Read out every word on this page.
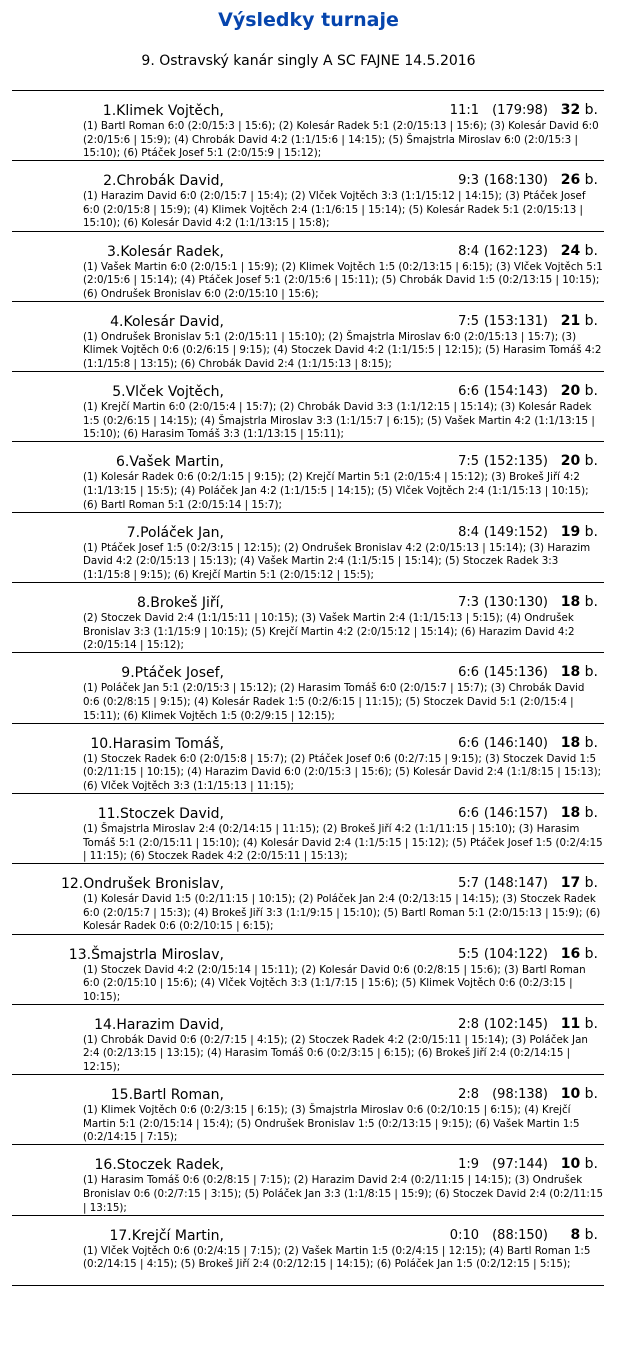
Výsledky turnaje
9. Ostravský kanár singly A SC FAJNE 14.5.2016
1.Klimek Vojtěch,	11:1 (179:98) 32 b.
(1) Bartl Roman 6:0 (2:0/15:3 | 15:6); (2) Kolesár Radek 5:1 (2:0/15:13 | 15:6); (3) Kolesár David 6:0 (2:0/15:6 | 15:9); (4) Chrobák David 4:2 (1:1/15:6 | 14:15); (5) Šmajstrla Miroslav 6:0 (2:0/15:3 | 15:10); (6) Ptáček Josef 5:1 (2:0/15:9 | 15:12);
2.Chrobák David,	9:3 (168:130) 26 b.
(1) Harazim David 6:0 (2:0/15:7 | 15:4); (2) Vlček Vojtěch 3:3 (1:1/15:12 | 14:15); (3) Ptáček Josef 6:0 (2:0/15:8 | 15:9); (4) Klimek Vojtěch 2:4 (1:1/6:15 | 15:14); (5) Kolesár Radek 5:1 (2:0/15:13 | 15:10); (6) Kolesár David 4:2 (1:1/13:15 | 15:8);
3.Kolesár Radek,	8:4 (162:123) 24 b.
(1) Vašek Martin 6:0 (2:0/15:1 | 15:9); (2) Klimek Vojtěch 1:5 (0:2/13:15 | 6:15); (3) Vlček Vojtěch 5:1 (2:0/15:6 | 15:14); (4) Ptáček Josef 5:1 (2:0/15:6 | 15:11); (5) Chrobák David 1:5 (0:2/13:15 | 10:15); (6) Ondrušek Bronislav 6:0 (2:0/15:10 | 15:6);
4.Kolesár David,	7:5 (153:131) 21 b.
(1) Ondrušek Bronislav 5:1 (2:0/15:11 | 15:10); (2) Šmajstrla Miroslav 6:0 (2:0/15:13 | 15:7); (3) Klimek Vojtěch 0:6 (0:2/6:15 | 9:15); (4) Stoczek David 4:2 (1:1/15:5 | 12:15); (5) Harasim Tomáš 4:2 (1:1/15:8 | 13:15); (6) Chrobák David 2:4 (1:1/15:13 | 8:15);
5.Vlček Vojtěch,	6:6 (154:143) 20 b.
(1) Krejčí Martin 6:0 (2:0/15:4 | 15:7); (2) Chrobák David 3:3 (1:1/12:15 | 15:14); (3) Kolesár Radek 1:5 (0:2/6:15 | 14:15); (4) Šmajstrla Miroslav 3:3 (1:1/15:7 | 6:15); (5) Vašek Martin 4:2 (1:1/13:15 | 15:10); (6) Harasim Tomáš 3:3 (1:1/13:15 | 15:11);
6.Vašek Martin,	7:5 (152:135) 20 b.
(1) Kolesár Radek 0:6 (0:2/1:15 | 9:15); (2) Krejčí Martin 5:1 (2:0/15:4 | 15:12); (3) Brokeš Jiří 4:2 (1:1/13:15 | 15:5); (4) Poláček Jan 4:2 (1:1/15:5 | 14:15); (5) Vlček Vojtěch 2:4 (1:1/15:13 | 10:15); (6) Bartl Roman 5:1 (2:0/15:14 | 15:7);
7.Poláček Jan,	8:4 (149:152) 19 b.
(1) Ptáček Josef 1:5 (0:2/3:15 | 12:15); (2) Ondrušek Bronislav 4:2 (2:0/15:13 | 15:14); (3) Harazim David 4:2 (2:0/15:13 | 15:13); (4) Vašek Martin 2:4 (1:1/5:15 | 15:14); (5) Stoczek Radek 3:3 (1:1/15:8 | 9:15); (6) Krejčí Martin 5:1 (2:0/15:12 | 15:5);
8.Brokeš Jiří,	7:3 (130:130) 18 b.
(2) Stoczek David 2:4 (1:1/15:11 | 10:15); (3) Vašek Martin 2:4 (1:1/15:13 | 5:15); (4) Ondrušek Bronislav 3:3 (1:1/15:9 | 10:15); (5) Krejčí Martin 4:2 (2:0/15:12 | 15:14); (6) Harazim David 4:2 (2:0/15:14 | 15:12);
9.Ptáček Josef,	6:6 (145:136) 18 b.
(1) Poláček Jan 5:1 (2:0/15:3 | 15:12); (2) Harasim Tomáš 6:0 (2:0/15:7 | 15:7); (3) Chrobák David 0:6 (0:2/8:15 | 9:15); (4) Kolesár Radek 1:5 (0:2/6:15 | 11:15); (5) Stoczek David 5:1 (2:0/15:4 | 15:11); (6) Klimek Vojtěch 1:5 (0:2/9:15 | 12:15);
10.Harasim Tomáš,	6:6 (146:140) 18 b.
(1) Stoczek Radek 6:0 (2:0/15:8 | 15:7); (2) Ptáček Josef 0:6 (0:2/7:15 | 9:15); (3) Stoczek David 1:5 (0:2/11:15 | 10:15); (4) Harazim David 6:0 (2:0/15:3 | 15:6); (5) Kolesár David 2:4 (1:1/8:15 | 15:13); (6) Vlček Vojtěch 3:3 (1:1/15:13 | 11:15);
11.Stoczek David,	6:6 (146:157) 18 b.
(1) Šmajstrla Miroslav 2:4 (0:2/14:15 | 11:15); (2) Brokeš Jiří 4:2 (1:1/11:15 | 15:10); (3) Harasim Tomáš 5:1 (2:0/15:11 | 15:10); (4) Kolesár David 2:4 (1:1/5:15 | 15:12); (5) Ptáček Josef 1:5 (0:2/4:15 | 11:15); (6) Stoczek Radek 4:2 (2:0/15:11 | 15:13);
12.Ondrušek Bronislav,	5:7 (148:147) 17 b.
(1) Kolesár David 1:5 (0:2/11:15 | 10:15); (2) Poláček Jan 2:4 (0:2/13:15 | 14:15); (3) Stoczek Radek 6:0 (2:0/15:7 | 15:3); (4) Brokeš Jiří 3:3 (1:1/9:15 | 15:10); (5) Bartl Roman 5:1 (2:0/15:13 | 15:9); (6) Kolesár Radek 0:6 (0:2/10:15 | 6:15);
13.Šmajstrla Miroslav,	5:5 (104:122) 16 b.
(1) Stoczek David 4:2 (2:0/15:14 | 15:11); (2) Kolesár David 0:6 (0:2/8:15 | 15:6); (3) Bartl Roman 6:0 (2:0/15:10 | 15:6); (4) Vlček Vojtěch 3:3 (1:1/7:15 | 15:6); (5) Klimek Vojtěch 0:6 (0:2/3:15 | 10:15);
14.Harazim David,	2:8 (102:145) 11 b.
(1) Chrobák David 0:6 (0:2/7:15 | 4:15); (2) Stoczek Radek 4:2 (2:0/15:11 | 15:14); (3) Poláček Jan 2:4 (0:2/13:15 | 13:15); (4) Harasim Tomáš 0:6 (0:2/3:15 | 6:15); (6) Brokeš Jiří 2:4 (0:2/14:15 | 12:15);
15.Bartl Roman,	2:8 (98:138) 10 b.
(1) Klimek Vojtěch 0:6 (0:2/3:15 | 6:15); (3) Šmajstrla Miroslav 0:6 (0:2/10:15 | 6:15); (4) Krejčí Martin 5:1 (2:0/15:14 | 15:4); (5) Ondrušek Bronislav 1:5 (0:2/13:15 | 9:15); (6) Vašek Martin 1:5 (0:2/14:15 | 7:15);
16.Stoczek Radek,	1:9 (97:144) 10 b.
(1) Harasim Tomáš 0:6 (0:2/8:15 | 7:15); (2) Harazim David 2:4 (0:2/11:15 | 14:15); (3) Ondrušek Bronislav 0:6 (0:2/7:15 | 3:15); (5) Poláček Jan 3:3 (1:1/8:15 | 15:9); (6) Stoczek David 2:4 (0:2/11:15 | 13:15);
17.Krejčí Martin,	0:10 (88:150) 8 b.
(1) Vlček Vojtěch 0:6 (0:2/4:15 | 7:15); (2) Vašek Martin 1:5 (0:2/4:15 | 12:15); (4) Bartl Roman 1:5 (0:2/14:15 | 4:15); (5) Brokeš Jiří 2:4 (0:2/12:15 | 14:15); (6) Poláček Jan 1:5 (0:2/12:15 | 5:15);
